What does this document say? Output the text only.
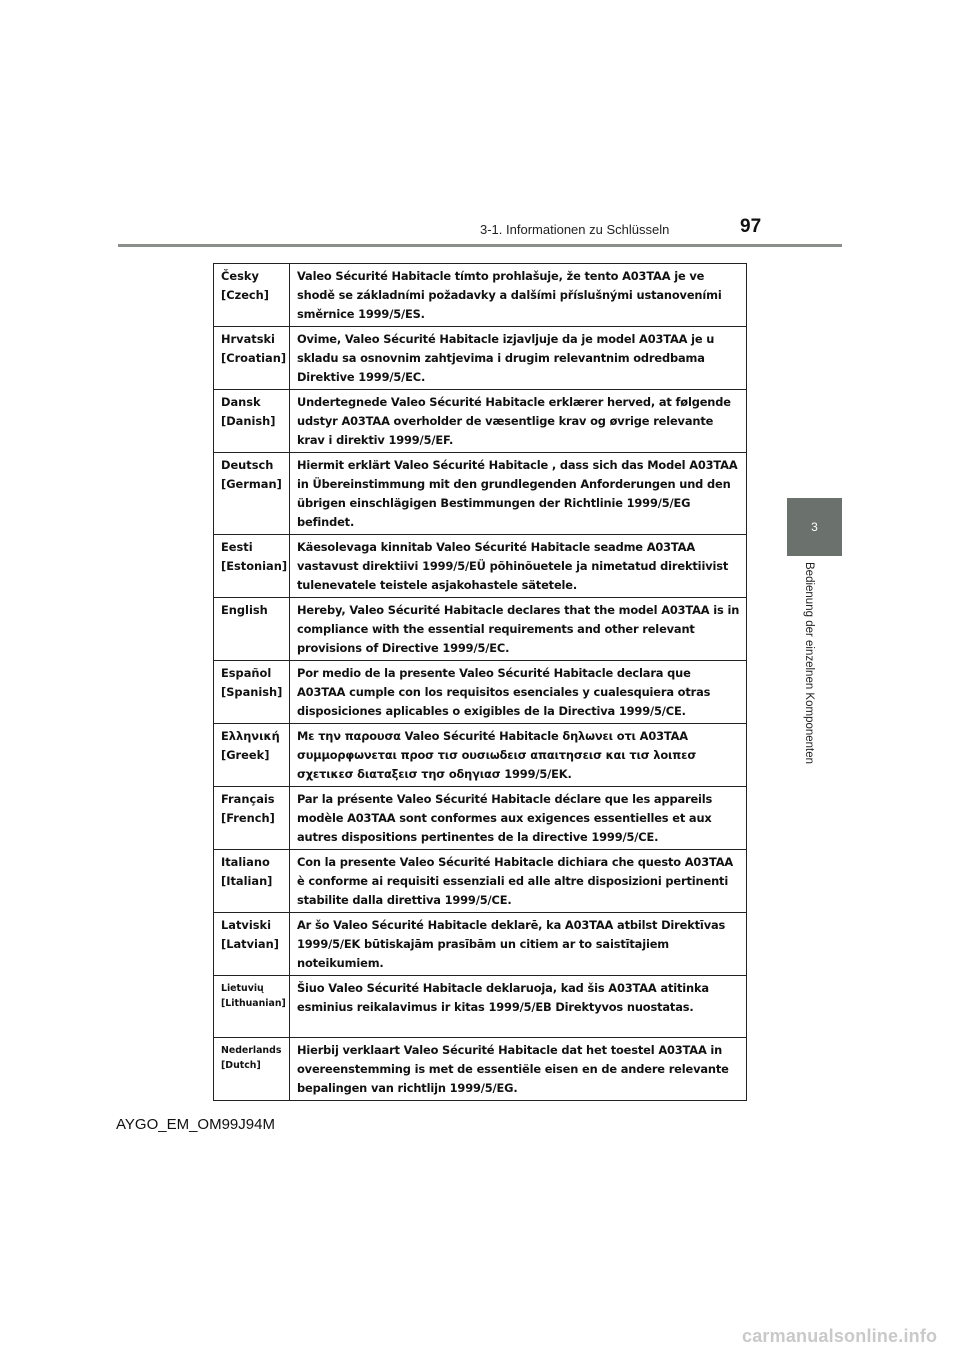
3-1. Informationen zu Schlüsseln	97
3
Bedienung der einzelnen Komponenten
Česky
[Czech]	Valeo Sécurité Habitacle tímto prohlašuje, že tento A03TAA je ve shodě se základními požadavky a dalšími příslušnými ustanoveními směrnice 1999/5/ES.

Hrvatski
[Croatian]	Ovime, Valeo Sécurité Habitacle izjavljuje da je model A03TAA je u skladu sa osnovnim zahtjevima i drugim relevantnim odredbama Direktive 1999/5/EC.

Dansk
[Danish]	Undertegnede Valeo Sécurité Habitacle erklærer herved, at følgende udstyr A03TAA overholder de væsentlige krav og øvrige relevante krav i direktiv 1999/5/EF.

Deutsch
[German]	Hiermit erklärt Valeo Sécurité Habitacle , dass sich das Model A03TAA in Übereinstimmung mit den grundlegenden Anforderungen und den übrigen einschlägigen Bestimmungen der Richtlinie 1999/5/EG befindet.

Eesti
[Estonian]	Käesolevaga kinnitab Valeo Sécurité Habitacle seadme A03TAA vastavust direktiivi 1999/5/EÜ põhinõuetele ja nimetatud direktiivist tulenevatele teistele asjakohastele sätetele.

English	Hereby, Valeo Sécurité Habitacle declares that the model A03TAA is in compliance with the essential requirements and other relevant provisions of Directive 1999/5/EC.

Español
[Spanish]	Por medio de la presente Valeo Sécurité Habitacle declara que A03TAA cumple con los requisitos esenciales y cualesquiera otras disposiciones aplicables o exigibles de la Directiva 1999/5/CE.

Ελληνική
[Greek]	Με την παρουσα Valeo Sécurité Habitacle δηλωνει οτι A03TAA συμμορφωνεται προσ τισ ουσιωδεισ απαιτησεισ και τισ λοιπεσ σχετικεσ διαταξεισ τησ οδηγιασ 1999/5/ΕΚ.

Français
[French]	Par la présente Valeo Sécurité Habitacle déclare que les appareils modèle A03TAA sont conformes aux exigences essentielles et aux autres dispositions pertinentes de la directive 1999/5/CE.

Italiano
[Italian]	Con la presente Valeo Sécurité Habitacle dichiara che questo A03TAA è conforme ai requisiti essenziali ed alle altre disposizioni pertinenti stabilite dalla direttiva 1999/5/CE.

Latviski
[Latvian]	Ar šo Valeo Sécurité Habitacle deklarē, ka A03TAA atbilst Direktīvas 1999/5/EK būtiskajām prasībām un citiem ar to saistītajiem noteikumiem.

Lietuvių
[Lithuanian]	Šiuo Valeo Sécurité Habitacle deklaruoja, kad šis A03TAA atitinka esminius reikalavimus ir kitas 1999/5/EB Direktyvos nuostatas.

Nederlands
[Dutch]	Hierbij verklaart Valeo Sécurité Habitacle dat het toestel A03TAA in overeenstemming is met de essentiële eisen en de andere relevante bepalingen van richtlijn 1999/5/EG.
AYGO_EM_OM99J94M
carmanualsonline.info
